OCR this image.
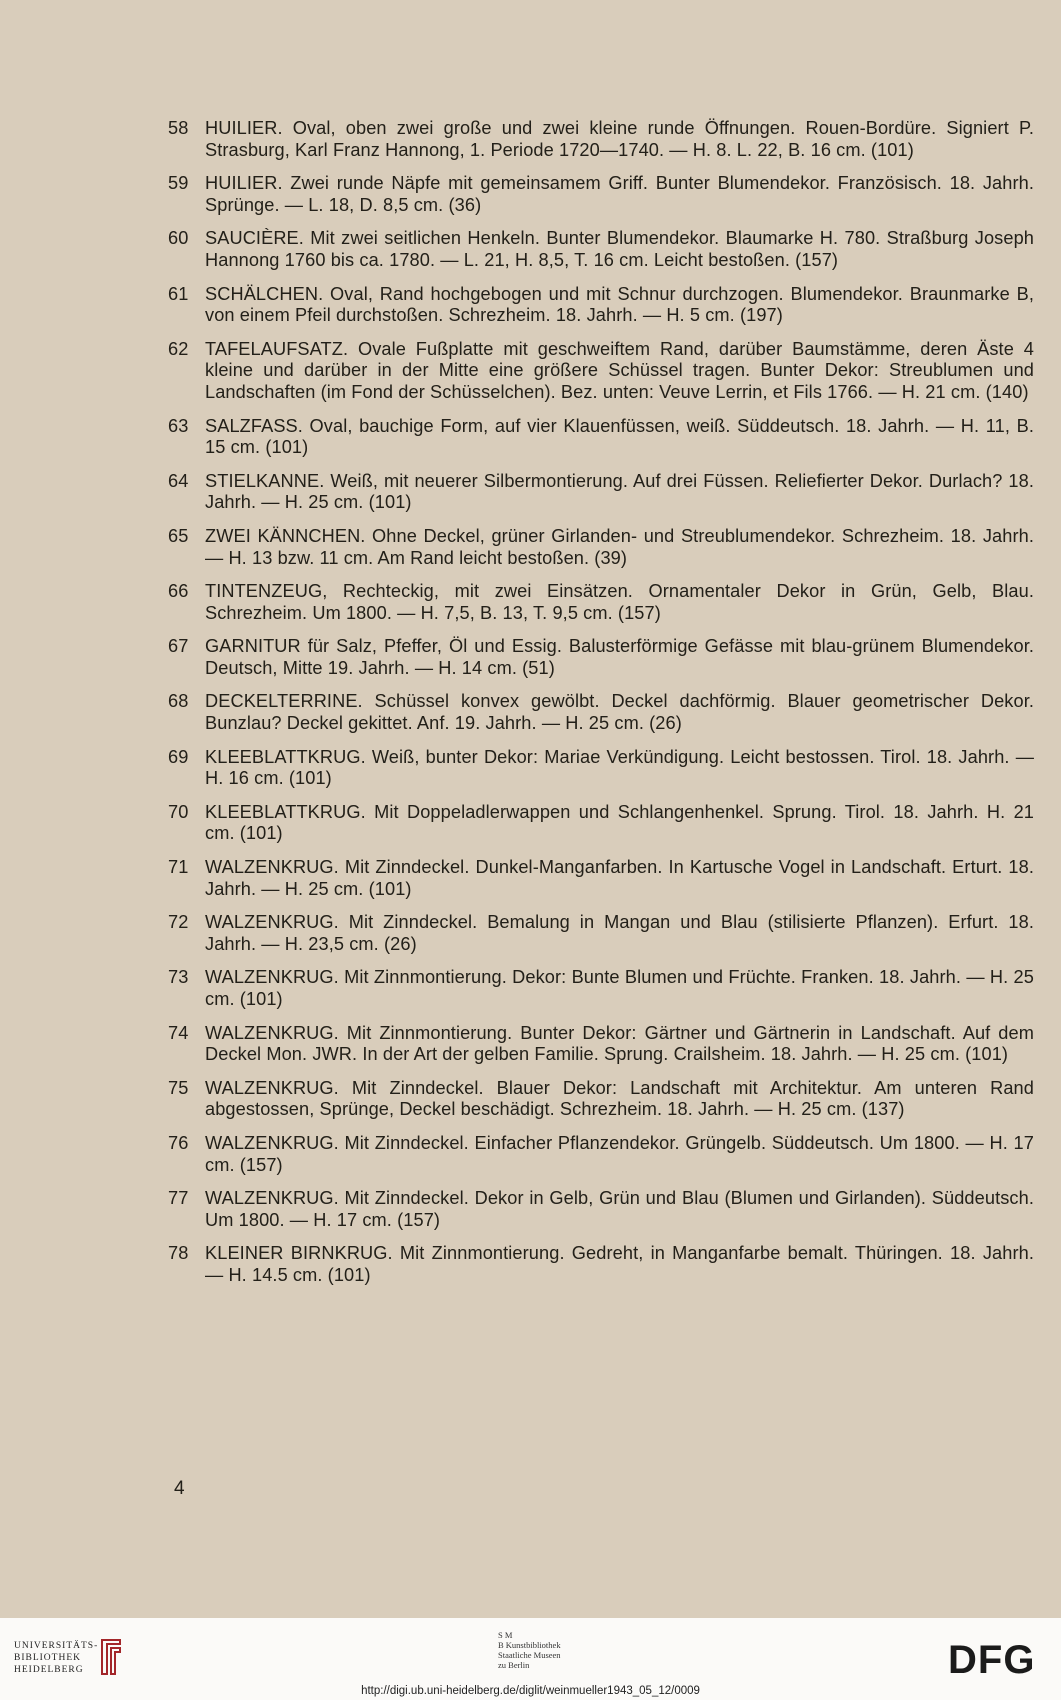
58 HUILIER. Oval, oben zwei große und zwei kleine runde Öffnungen. Rouen-Bordüre. Signiert P. Strasburg, Karl Franz Hannong, 1. Periode 1720—1740. — H. 8. L. 22, B. 16 cm. (101)
59 HUILIER. Zwei runde Näpfe mit gemeinsamem Griff. Bunter Blumendekor. Französisch. 18. Jahrh. Sprünge. — L. 18, D. 8,5 cm. (36)
60 SAUCIÈRE. Mit zwei seitlichen Henkeln. Bunter Blumendekor. Blaumarke H. 780. Straßburg Joseph Hannong 1760 bis ca. 1780. — L. 21, H. 8,5, T. 16 cm. Leicht bestoßen. (157)
61 SCHÄLCHEN. Oval, Rand hochgebogen und mit Schnur durchzogen. Blumendekor. Braunmarke B, von einem Pfeil durchstoßen. Schrezheim. 18. Jahrh. — H. 5 cm. (197)
62 TAFELAUFSATZ. Ovale Fußplatte mit geschweiftem Rand, darüber Baumstämme, deren Äste 4 kleine und darüber in der Mitte eine größere Schüssel tragen. Bunter Dekor: Streublumen und Landschaften (im Fond der Schüsselchen). Bez. unten: Veuve Lerrin, et Fils 1766. — H. 21 cm. (140)
63 SALZFASS. Oval, bauchige Form, auf vier Klauenfüssen, weiß. Süddeutsch. 18. Jahrh. — H. 11, B. 15 cm. (101)
64 STIELKANNE. Weiß, mit neuerer Silbermontierung. Auf drei Füssen. Reliefierter Dekor. Durlach? 18. Jahrh. — H. 25 cm. (101)
65 ZWEI KÄNNCHEN. Ohne Deckel, grüner Girlanden- und Streublumendekor. Schrezheim. 18. Jahrh. — H. 13 bzw. 11 cm. Am Rand leicht bestoßen. (39)
66 TINTENZEUG, Rechteckig, mit zwei Einsätzen. Ornamentaler Dekor in Grün, Gelb, Blau. Schrezheim. Um 1800. — H. 7,5, B. 13, T. 9,5 cm. (157)
67 GARNITUR für Salz, Pfeffer, Öl und Essig. Balusterförmige Gefässe mit blau-grünem Blumendekor. Deutsch, Mitte 19. Jahrh. — H. 14 cm. (51)
68 DECKELTERRINE. Schüssel konvex gewölbt. Deckel dachförmig. Blauer geometrischer Dekor. Bunzlau? Deckel gekittet. Anf. 19. Jahrh. — H. 25 cm. (26)
69 KLEEBLATTKRUG. Weiß, bunter Dekor: Mariae Verkündigung. Leicht bestossen. Tirol. 18. Jahrh. — H. 16 cm. (101)
70 KLEEBLATTKRUG. Mit Doppeladlerwappen und Schlangenhenkel. Sprung. Tirol. 18. Jahrh. H. 21 cm. (101)
71 WALZENKRUG. Mit Zinndeckel. Dunkel-Manganfarben. In Kartusche Vogel in Landschaft. Erturt. 18. Jahrh. — H. 25 cm. (101)
72 WALZENKRUG. Mit Zinndeckel. Bemalung in Mangan und Blau (stilisierte Pflanzen). Erfurt. 18. Jahrh. — H. 23,5 cm. (26)
73 WALZENKRUG. Mit Zinnmontierung. Dekor: Bunte Blumen und Früchte. Franken. 18. Jahrh. — H. 25 cm. (101)
74 WALZENKRUG. Mit Zinnmontierung. Bunter Dekor: Gärtner und Gärtnerin in Landschaft. Auf dem Deckel Mon. JWR. In der Art der gelben Familie. Sprung. Crailsheim. 18. Jahrh. — H. 25 cm. (101)
75 WALZENKRUG. Mit Zinndeckel. Blauer Dekor: Landschaft mit Architektur. Am unteren Rand abgestossen, Sprünge, Deckel beschädigt. Schrezheim. 18. Jahrh. — H. 25 cm. (137)
76 WALZENKRUG. Mit Zinndeckel. Einfacher Pflanzendekor. Grüngelb. Süddeutsch. Um 1800. — H. 17 cm. (157)
77 WALZENKRUG. Mit Zinndeckel. Dekor in Gelb, Grün und Blau (Blumen und Girlanden). Süddeutsch. Um 1800. — H. 17 cm. (157)
78 KLEINER BIRNKRUG. Mit Zinnmontierung. Gedreht, in Manganfarbe bemalt. Thüringen. 18. Jahrh. — H. 14.5 cm. (101)
4
UNIVERSITÄTS-
BIBLIOTHEK
HEIDELBERG
S M
B Kunstbibliothek
Staatliche Museen
zu Berlin	DFG
http://digi.ub.uni-heidelberg.de/diglit/weinmueller1943_05_12/0009
